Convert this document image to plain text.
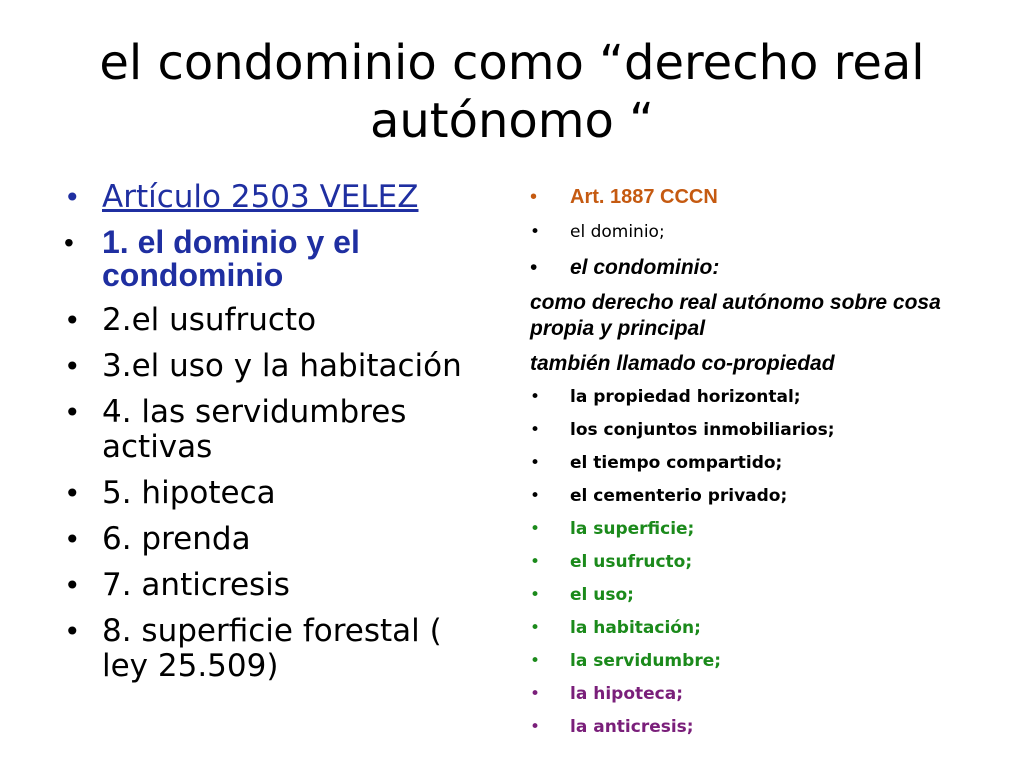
el condominio como “derecho real autónomo “
• Artículo 2503 VELEZ
• 1. el dominio y el condominio
• 2.el usufructo
• 3.el uso y la habitación
• 4. las servidumbres activas
• 5. hipoteca
• 6. prenda
• 7. anticresis
• 8. superficie forestal ( ley 25.509)
• Art. 1887 CCCN
• el dominio;
• el condominio:

como derecho real autónomo sobre cosa propia y principal

también llamado co-propiedad

• la propiedad horizontal;
• los conjuntos inmobiliarios;
• el tiempo compartido;
• el cementerio privado;
• la superficie;
• el usufructo;
• el uso;
• la habitación;
• la servidumbre;
• la hipoteca;
• la anticresis;
